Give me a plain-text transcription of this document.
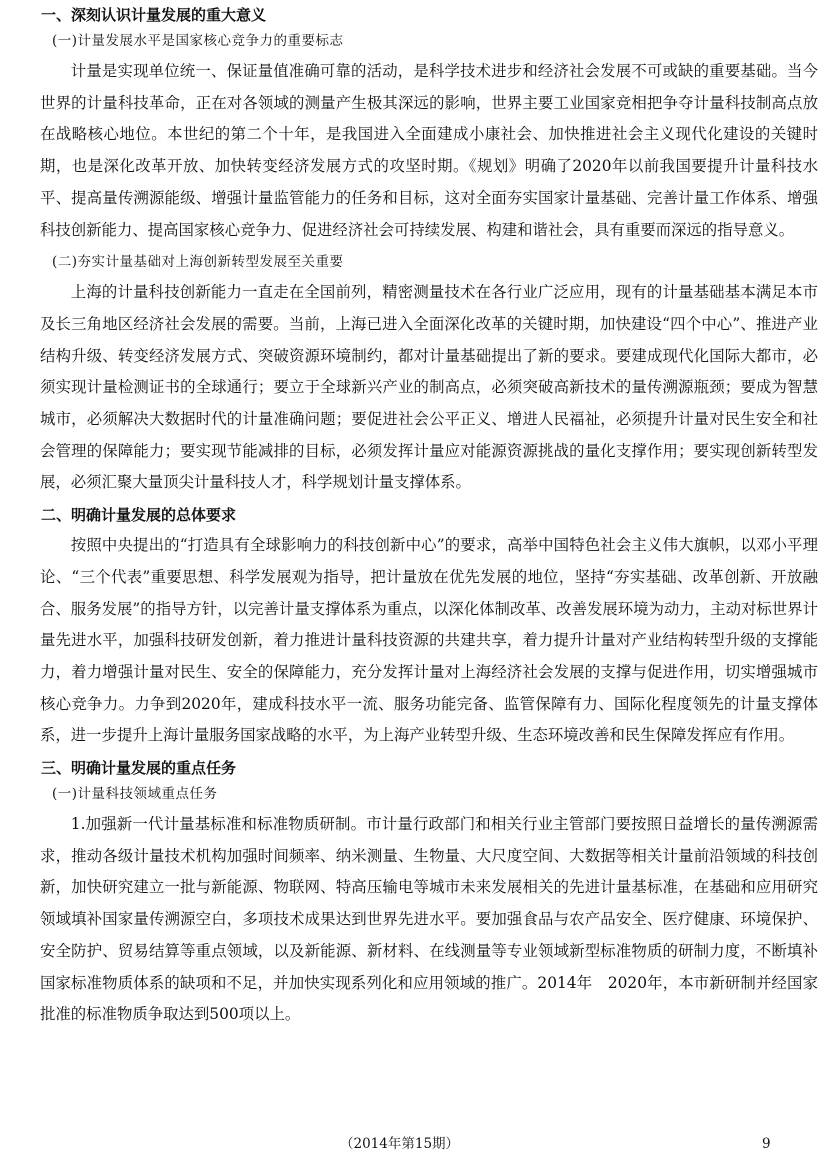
一、深刻认识计量发展的重大意义
(一)计量发展水平是国家核心竞争力的重要标志

计量是实现单位统一、保证量值准确可靠的活动，是科学技术进步和经济社会发展不可或缺的重要基础。当今世界的计量科技革命，正在对各领域的测量产生极其深远的影响，世界主要工业国家竞相把争夺计量科技制高点放在战略核心地位。本世纪的第二个十年，是我国进入全面建成小康社会、加快推进社会主义现代化建设的关键时期，也是深化改革开放、加快转变经济发展方式的攻坚时期。《规划》明确了2020年以前我国要提升计量科技水平、提高量传溯源能级、增强计量监管能力的任务和目标，这对全面夯实国家计量基础、完善计量工作体系、增强科技创新能力、提高国家核心竞争力、促进经济社会可持续发展、构建和谐社会，具有重要而深远的指导意义。

(二)夯实计量基础对上海创新转型发展至关重要

上海的计量科技创新能力一直走在全国前列，精密测量技术在各行业广泛应用，现有的计量基础基本满足本市及长三角地区经济社会发展的需要。当前，上海已进入全面深化改革的关键时期，加快建设“四个中心”、推进产业结构升级、转变经济发展方式、突破资源环境制约，都对计量基础提出了新的要求。要建成现代化国际大都市，必须实现计量检测证书的全球通行；要立于全球新兴产业的制高点，必须突破高新技术的量传溯源瓶颈；要成为智慧城市，必须解决大数据时代的计量准确问题；要促进社会公平正义、增进人民福祉，必须提升计量对民生安全和社会管理的保障能力；要实现节能减排的目标，必须发挥计量应对能源资源挑战的量化支撑作用；要实现创新转型发展，必须汇聚大量顶尖计量科技人才，科学规划计量支撑体系。

二、明确计量发展的总体要求

按照中央提出的“打造具有全球影响力的科技创新中心”的要求，高举中国特色社会主义伟大旗帜，以邓小平理论、“三个代表”重要思想、科学发展观为指导，把计量放在优先发展的地位，坚持“夯实基础、改革创新、开放融合、服务发展”的指导方针，以完善计量支撑体系为重点，以深化体制改革、改善发展环境为动力，主动对标世界计量先进水平，加强科技研发创新，着力推进计量科技资源的共建共享，着力提升计量对产业结构转型升级的支撑能力，着力增强计量对民生、安全的保障能力，充分发挥计量对上海经济社会发展的支撑与促进作用，切实增强城市核心竞争力。力争到2020年，建成科技水平一流、服务功能完备、监管保障有力、国际化程度领先的计量支撑体系，进一步提升上海计量服务国家战略的水平，为上海产业转型升级、生态环境改善和民生保障发挥应有作用。

三、明确计量发展的重点任务
(一)计量科技领域重点任务

1.加强新一代计量基标准和标准物质研制。市计量行政部门和相关行业主管部门要按照日益增长的量传溯源需求，推动各级计量技术机构加强时间频率、纳米测量、生物量、大尺度空间、大数据等相关计量前沿领域的科技创新，加快研究建立一批与新能源、物联网、特高压输电等城市未来发展相关的先进计量基标准，在基础和应用研究领域填补国家量传溯源空白，多项技术成果达到世界先进水平。要加强食品与农产品安全、医疗健康、环境保护、安全防护、贸易结算等重点领域，以及新能源、新材料、在线测量等专业领域新型标准物质的研制力度，不断填补国家标准物质体系的缺项和不足，并加快实现系列化和应用领域的推广。2014年　2020年，本市新研制并经国家批准的标准物质争取达到500项以上。

（2014年第15期）	9
